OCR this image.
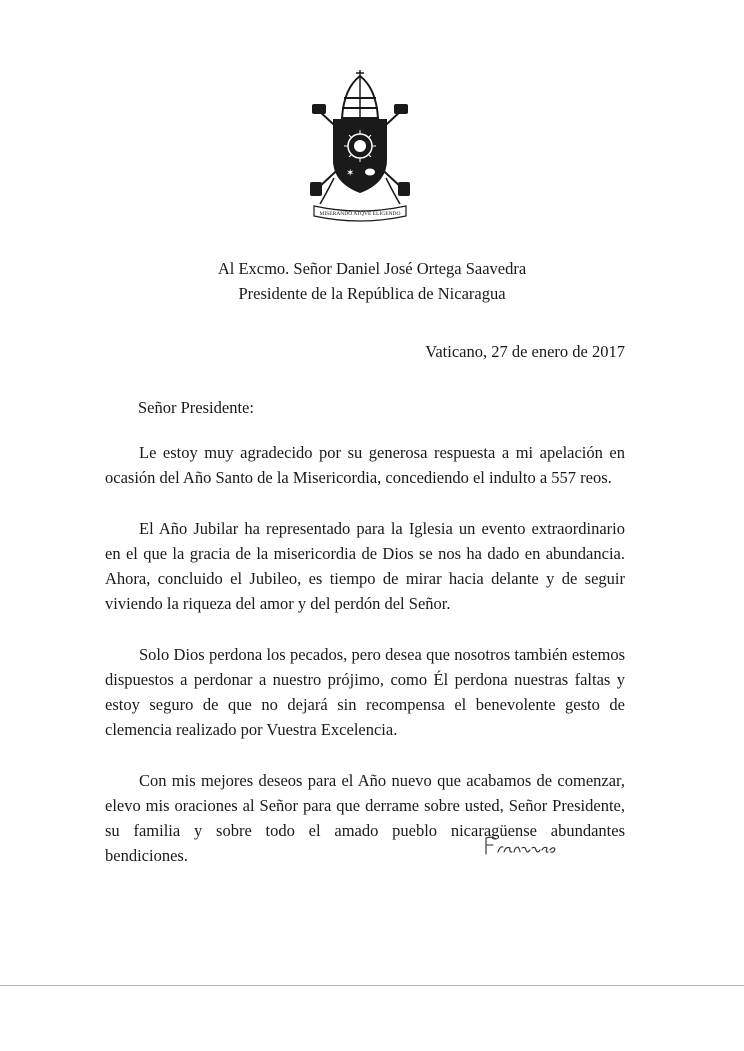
✶
MISERANDO ATQVE ELIGENDO
Al Excmo. Señor Daniel José Ortega Saavedra
Presidente de la República de Nicaragua
Vaticano, 27 de enero de 2017
Señor Presidente:

Le estoy muy agradecido por su generosa respuesta a mi apelación en ocasión del Año Santo de la Misericordia, concediendo el indulto a 557 reos.

El Año Jubilar ha representado para la Iglesia un evento extraordinario en el que la gracia de la misericordia de Dios se nos ha dado en abundancia. Ahora, concluido el Jubileo, es tiempo de mirar hacia delante y de seguir viviendo la riqueza del amor y del perdón del Señor.

Solo Dios perdona los pecados, pero desea que nosotros también estemos dispuestos a perdonar a nuestro prójimo, como Él perdona nuestras faltas y estoy seguro de que no dejará sin recompensa el benevolente gesto de clemencia realizado por Vuestra Excelencia.

Con mis mejores deseos para el Año nuevo que acabamos de comenzar, elevo mis oraciones al Señor para que derrame sobre usted, Señor Presidente, su familia y sobre todo el amado pueblo nicaragüense abundantes bendiciones.
